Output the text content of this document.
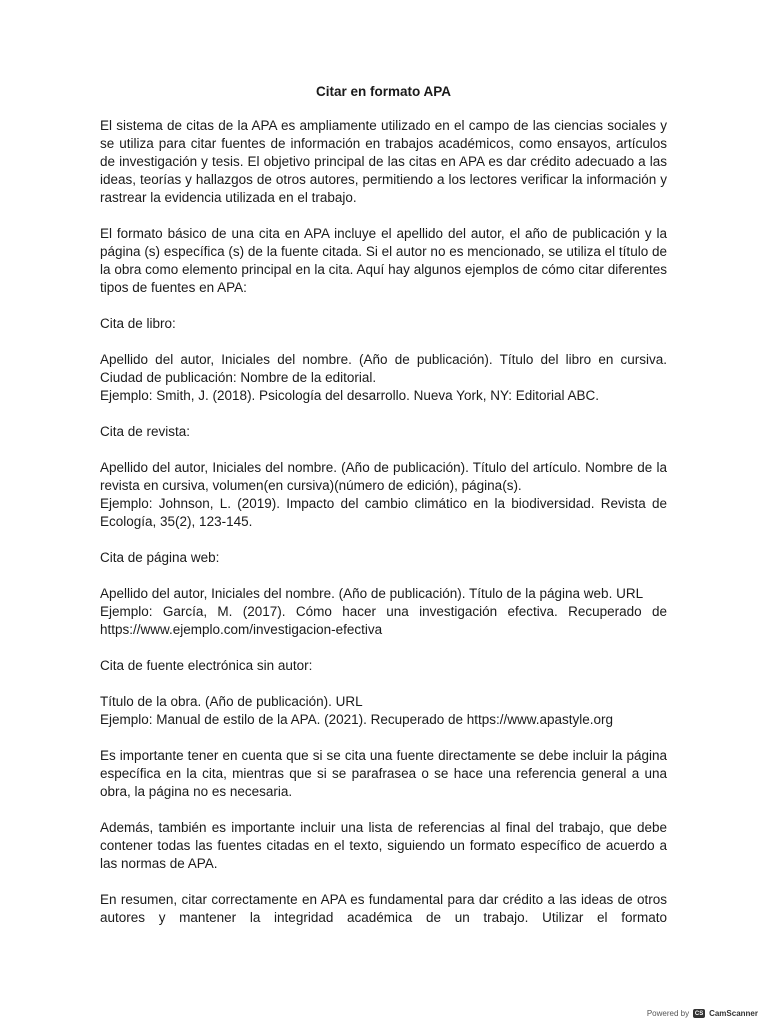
Citar en formato APA

El sistema de citas de la APA es ampliamente utilizado en el campo de las ciencias sociales y se utiliza para citar fuentes de información en trabajos académicos, como ensayos, artículos de investigación y tesis. El objetivo principal de las citas en APA es dar crédito adecuado a las ideas, teorías y hallazgos de otros autores, permitiendo a los lectores verificar la información y rastrear la evidencia utilizada en el trabajo.

El formato básico de una cita en APA incluye el apellido del autor, el año de publicación y la página (s) específica (s) de la fuente citada. Si el autor no es mencionado, se utiliza el título de la obra como elemento principal en la cita. Aquí hay algunos ejemplos de cómo citar diferentes tipos de fuentes en APA:

Cita de libro:

Apellido del autor, Iniciales del nombre. (Año de publicación). Título del libro en cursiva. Ciudad de publicación: Nombre de la editorial.

Ejemplo: Smith, J. (2018). Psicología del desarrollo. Nueva York, NY: Editorial ABC.

Cita de revista:

Apellido del autor, Iniciales del nombre. (Año de publicación). Título del artículo. Nombre de la revista en cursiva, volumen(en cursiva)(número de edición), página(s).

Ejemplo: Johnson, L. (2019). Impacto del cambio climático en la biodiversidad. Revista de Ecología, 35(2), 123-145.

Cita de página web:

Apellido del autor, Iniciales del nombre. (Año de publicación). Título de la página web. URL

Ejemplo: García, M. (2017). Cómo hacer una investigación efectiva. Recuperado de https://www.ejemplo.com/investigacion-efectiva

Cita de fuente electrónica sin autor:

Título de la obra. (Año de publicación). URL

Ejemplo: Manual de estilo de la APA. (2021). Recuperado de https://www.apastyle.org

Es importante tener en cuenta que si se cita una fuente directamente se debe incluir la página específica en la cita, mientras que si se parafrasea o se hace una referencia general a una obra, la página no es necesaria.

Además, también es importante incluir una lista de referencias al final del trabajo, que debe contener todas las fuentes citadas en el texto, siguiendo un formato específico de acuerdo a las normas de APA.

En resumen, citar correctamente en APA es fundamental para dar crédito a las ideas de otros autores y mantener la integridad académica de un trabajo. Utilizar el formato

Powered by CS CamScanner
